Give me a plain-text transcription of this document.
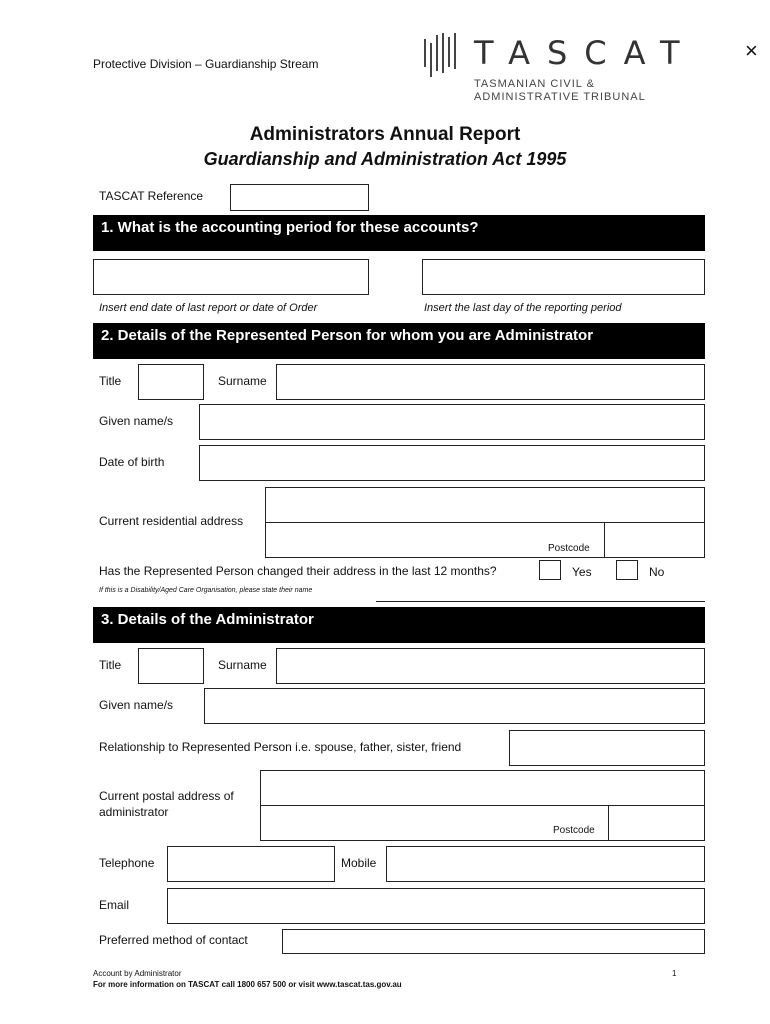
Protective Division – Guardianship Stream	TASCAT
TASMANIAN CIVIL &
ADMINISTRATIVE TRIBUNAL
×
Administrators Annual Report
Guardianship and Administration Act 1995
TASCAT Reference
1. What is the accounting period for these accounts?
Insert end date of last report or date of Order	Insert the last day of the reporting period
2. Details of the Represented Person for whom you are Administrator
Title	Surname
Given name/s
Date of birth
Current residential address
Postcode
Has the Represented Person changed their address in the last 12 months?	Yes	No
If this is a Disability/Aged Care Organisation, please state their name
3. Details of the Administrator
Title	Surname
Given name/s
Relationship to Represented Person i.e. spouse, father, sister, friend
Current postal address of
administrator
Postcode
Telephone	Mobile
Email
Preferred method of contact
Account by Administrator	1
For more information on TASCAT call 1800 657 500 or visit www.tascat.tas.gov.au
